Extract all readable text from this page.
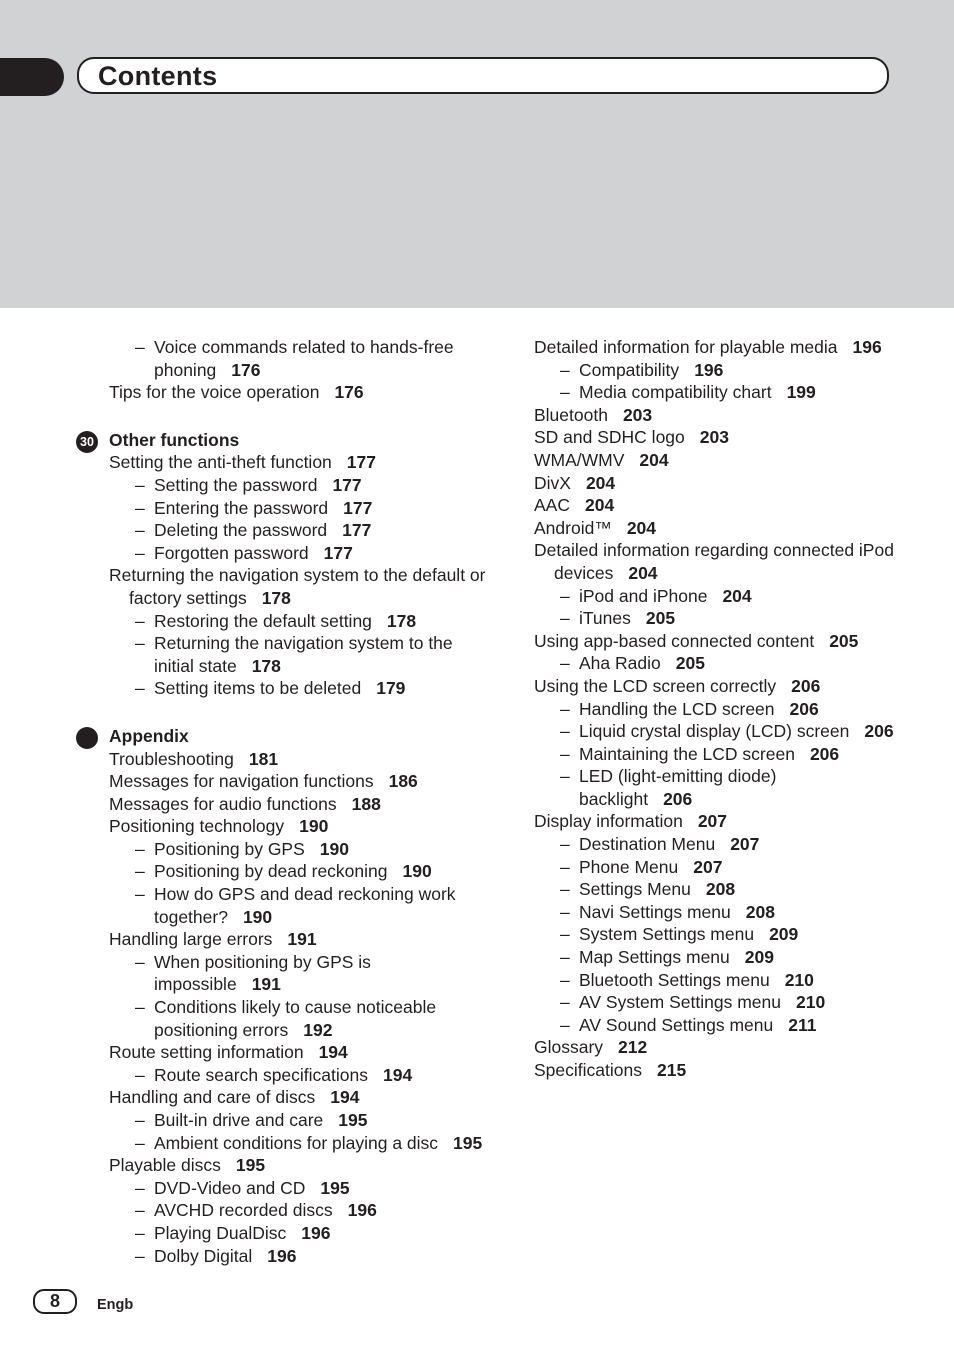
Contents
– Voice commands related to hands-free phoning 176
Tips for the voice operation 176
30 Other functions
Setting the anti-theft function 177
– Setting the password 177
– Entering the password 177
– Deleting the password 177
– Forgotten password 177
Returning the navigation system to the default or factory settings 178
– Restoring the default setting 178
– Returning the navigation system to the initial state 178
– Setting items to be deleted 179
Appendix
Troubleshooting 181
Messages for navigation functions 186
Messages for audio functions 188
Positioning technology 190
– Positioning by GPS 190
– Positioning by dead reckoning 190
– How do GPS and dead reckoning work together? 190
Handling large errors 191
– When positioning by GPS is impossible 191
– Conditions likely to cause noticeable positioning errors 192
Route setting information 194
– Route search specifications 194
Handling and care of discs 194
– Built-in drive and care 195
– Ambient conditions for playing a disc 195
Playable discs 195
– DVD-Video and CD 195
– AVCHD recorded discs 196
– Playing DualDisc 196
– Dolby Digital 196
Detailed information for playable media 196
– Compatibility 196
– Media compatibility chart 199
Bluetooth 203
SD and SDHC logo 203
WMA/WMV 204
DivX 204
AAC 204
Android™ 204
Detailed information regarding connected iPod devices 204
– iPod and iPhone 204
– iTunes 205
Using app-based connected content 205
– Aha Radio 205
Using the LCD screen correctly 206
– Handling the LCD screen 206
– Liquid crystal display (LCD) screen 206
– Maintaining the LCD screen 206
– LED (light-emitting diode) backlight 206
Display information 207
– Destination Menu 207
– Phone Menu 207
– Settings Menu 208
– Navi Settings menu 208
– System Settings menu 209
– Map Settings menu 209
– Bluetooth Settings menu 210
– AV System Settings menu 210
– AV Sound Settings menu 211
Glossary 212
Specifications 215
8	Engb
